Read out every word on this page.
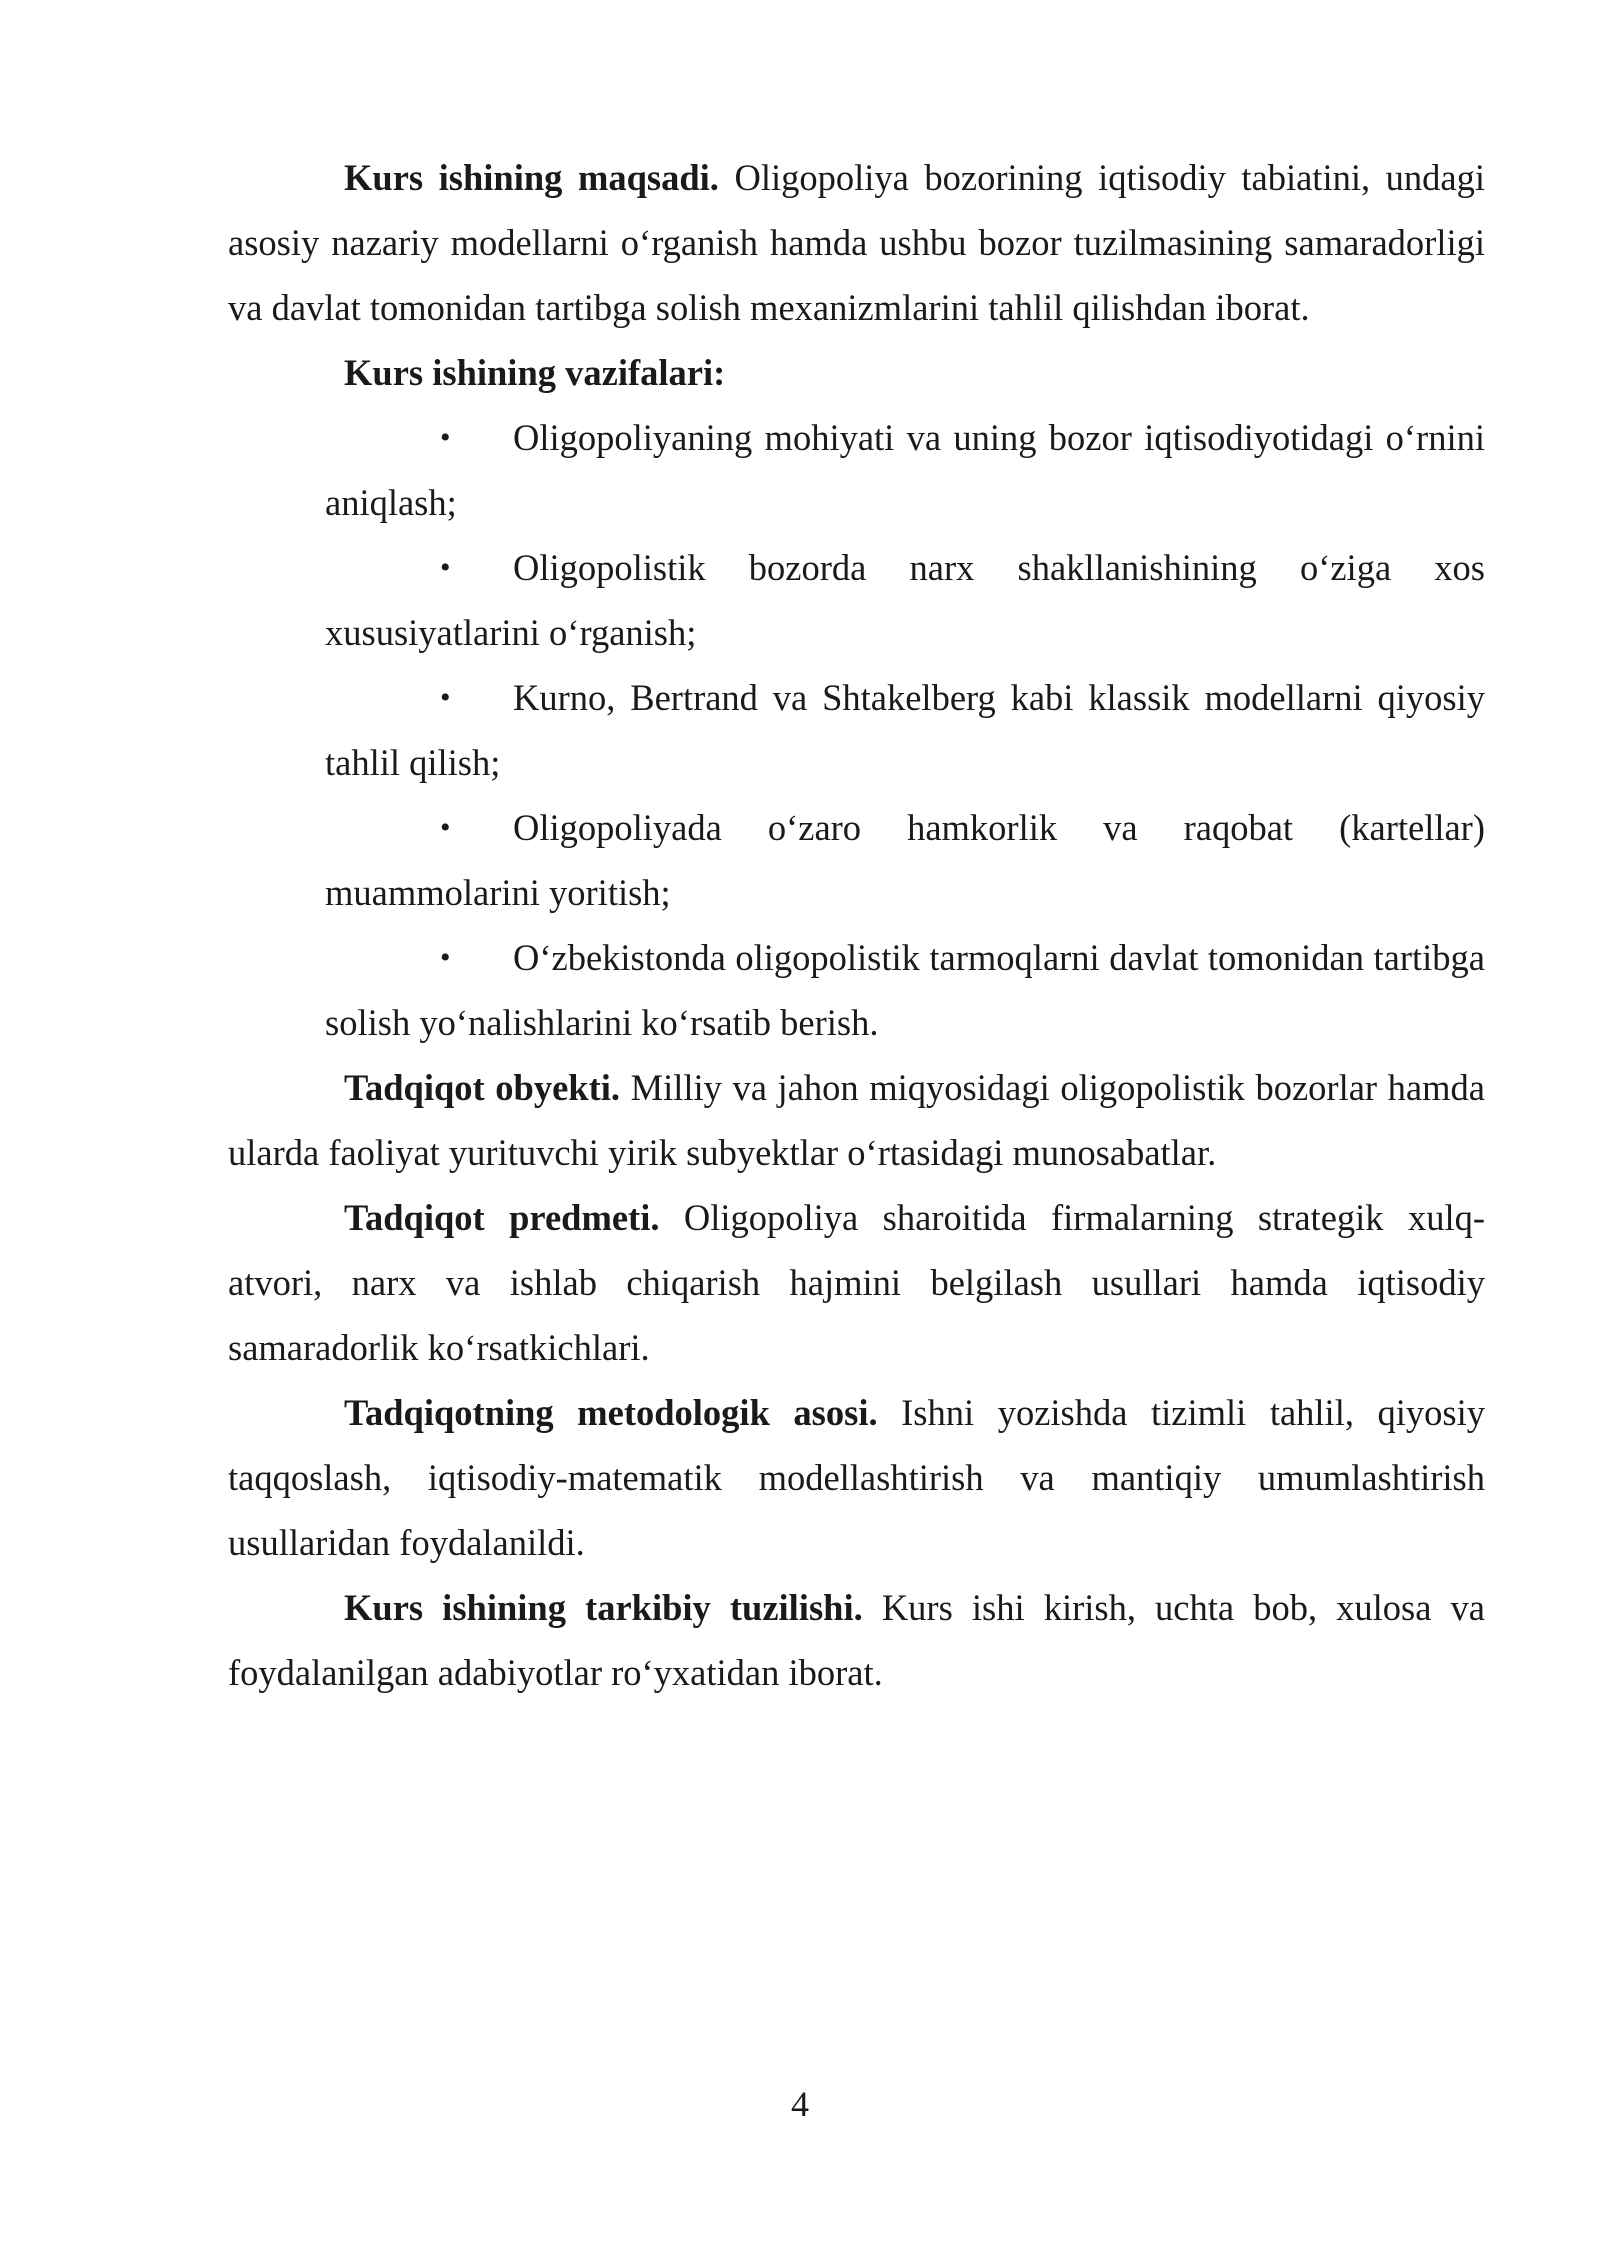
Kurs ishining maqsadi. Oligopoliya bozorining iqtisodiy tabiatini, undagi asosiy nazariy modellarni o‘rganish hamda ushbu bozor tuzilmasining samaradorligi va davlat tomonidan tartibga solish mexanizmlarini tahlil qilishdan iborat.

Kurs ishining vazifalari:

• Oligopoliyaning mohiyati va uning bozor iqtisodiyotidagi o‘rnini aniqlash;
• Oligopolistik bozorda narx shakllanishining o‘ziga xos xususiyatlarini o‘rganish;
• Kurno, Bertrand va Shtakelberg kabi klassik modellarni qiyosiy tahlil qilish;
• Oligopoliyada o‘zaro hamkorlik va raqobat (kartellar) muammolarini yoritish;
• O‘zbekistonda oligopolistik tarmoqlarni davlat tomonidan tartibga solish yo‘nalishlarini ko‘rsatib berish.

Tadqiqot obyekti. Milliy va jahon miqyosidagi oligopolistik bozorlar hamda ularda faoliyat yurituvchi yirik subyektlar o‘rtasidagi munosabatlar.

Tadqiqot predmeti. Oligopoliya sharoitida firmalarning strategik xulq-atvori, narx va ishlab chiqarish hajmini belgilash usullari hamda iqtisodiy samaradorlik ko‘rsatkichlari.

Tadqiqotning metodologik asosi. Ishni yozishda tizimli tahlil, qiyosiy taqqoslash, iqtisodiy-matematik modellashtirish va mantiqiy umumlashtirish usullaridan foydalanildi.

Kurs ishining tarkibiy tuzilishi. Kurs ishi kirish, uchta bob, xulosa va foydalanilgan adabiyotlar ro‘yxatidan iborat.

4
